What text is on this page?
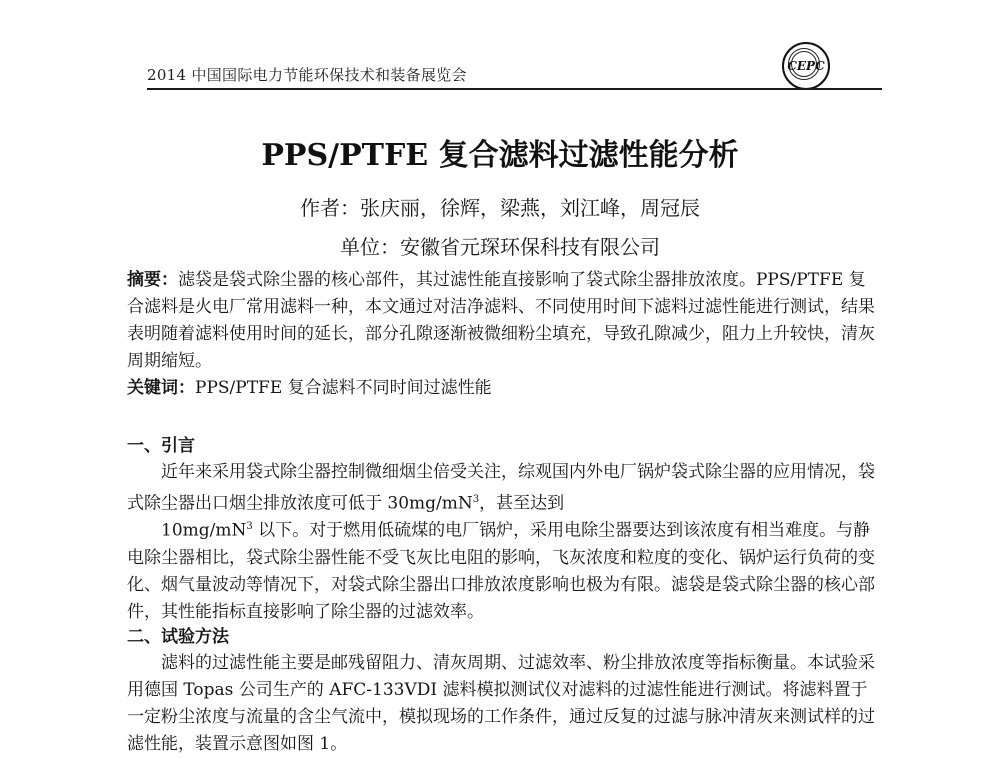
2014 中国国际电力节能环保技术和装备展览会	CEPC
PPS/PTFE 复合滤料过滤性能分析
作者：张庆丽，徐辉，梁燕，刘江峰，周冠辰
单位：安徽省元琛环保科技有限公司
摘要：滤袋是袋式除尘器的核心部件，其过滤性能直接影响了袋式除尘器排放浓度。PPS/PTFE 复合滤料是火电厂常用滤料一种，本文通过对洁净滤料、不同使用时间下滤料过滤性能进行测试，结果表明随着滤料使用时间的延长，部分孔隙逐渐被微细粉尘填充，导致孔隙减少，阻力上升较快，清灰周期缩短。
关键词：PPS/PTFE 复合滤料不同时间过滤性能
一、引言
近年来采用袋式除尘器控制微细烟尘倍受关注，综观国内外电厂锅炉袋式除尘器的应用情况，袋式除尘器出口烟尘排放浓度可低于 $30mg/mN^3$，甚至达到
$10mg/mN^3$ 以下。对于燃用低硫煤的电厂锅炉，采用电除尘器要达到该浓度有相当难度。与静电除尘器相比，袋式除尘器性能不受飞灰比电阻的影响，飞灰浓度和粒度的变化、锅炉运行负荷的变化、烟气量波动等情况下，对袋式除尘器出口排放浓度影响也极为有限。滤袋是袋式除尘器的核心部件，其性能指标直接影响了除尘器的过滤效率。
二、试验方法
滤料的过滤性能主要是邮残留阻力、清灰周期、过滤效率、粉尘排放浓度等指标衡量。本试验采用德国 Topas 公司生产的 AFC-133VDI 滤料模拟测试仪对滤料的过滤性能进行测试。将滤料置于一定粉尘浓度与流量的含尘气流中，模拟现场的工作条件，通过反复的过滤与脉冲清灰来测试样的过滤性能，装置示意图如图 1。
